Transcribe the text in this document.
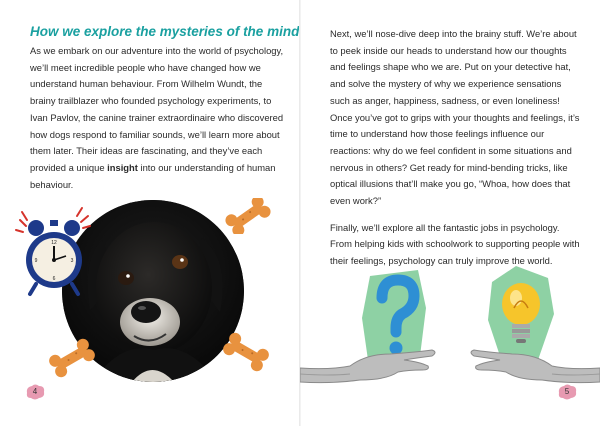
How we explore the mysteries of the mind

As we embark on our adventure into the world of psychology, we’ll meet incredible people who have changed how we understand human behaviour. From Wilhelm Wundt, the brainy trailblazer who founded psychology experiments, to Ivan Pavlov, the canine trainer extraordinaire who discovered how dogs respond to familiar sounds, we’ll learn more about them later. Their ideas are fascinating, and they’ve each provided a unique insight into our understanding of human behaviour.

12
3
6
9
4

Next, we’ll nose-dive deep into the brainy stuff. We’re about to peek inside our heads to understand how our thoughts and feelings shape who we are. Put on your detective hat, and solve the mystery of why we experience sensations such as anger, happiness, sadness, or even loneliness! Once you’ve got to grips with your thoughts and feelings, it’s time to understand how those feelings influence our reactions: why do we feel confident in some situations and nervous in others? Get ready for mind-bending tricks, like optical illusions that’ll make you go, “Whoa, how does that even work?”

Finally, we’ll explore all the fantastic jobs in psychology. From helping kids with schoolwork to supporting people with their feelings, psychology can truly improve the world.

5
